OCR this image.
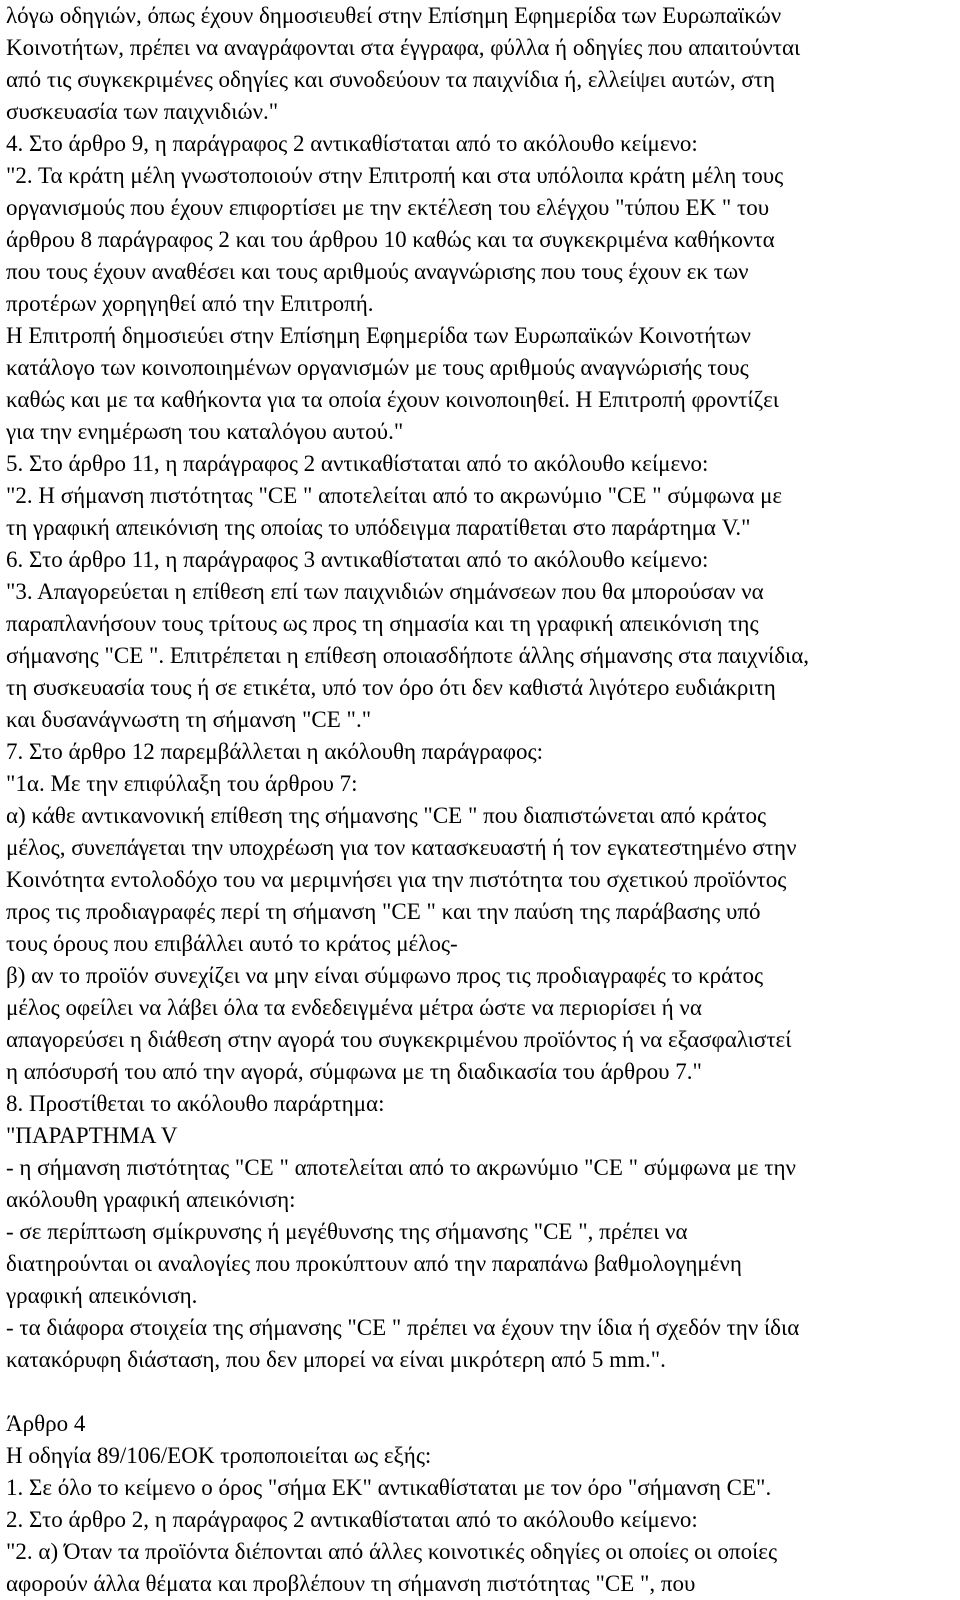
λόγω οδηγιών, όπως έχουν δημοσιευθεί στην Επίσημη Εφημερίδα των Ευρωπαϊκών
Κοινοτήτων, πρέπει να αναγράφονται στα έγγραφα, φύλλα ή οδηγίες που απαιτούνται
από τις συγκεκριμένες οδηγίες και συνοδεύουν τα παιχνίδια ή, ελλείψει αυτών, στη
συσκευασία των παιχνιδιών."
4. Στο άρθρο 9, η παράγραφος 2 αντικαθίσταται από το ακόλουθο κείμενο:
"2. Τα κράτη μέλη γνωστοποιούν στην Επιτροπή και στα υπόλοιπα κράτη μέλη τους
οργανισμούς που έχουν επιφορτίσει με την εκτέλεση του ελέγχου "τύπου ΕΚ " του
άρθρου 8 παράγραφος 2 και του άρθρου 10 καθώς και τα συγκεκριμένα καθήκοντα
που τους έχουν αναθέσει και τους αριθμούς αναγνώρισης που τους έχουν εκ των
προτέρων χορηγηθεί από την Επιτροπή.
Η Επιτροπή δημοσιεύει στην Επίσημη Εφημερίδα των Ευρωπαϊκών Κοινοτήτων
κατάλογο των κοινοποιημένων οργανισμών με τους αριθμούς αναγνώρισής τους
καθώς και με τα καθήκοντα για τα οποία έχουν κοινοποιηθεί. Η Επιτροπή φροντίζει
για την ενημέρωση του καταλόγου αυτού."
5. Στο άρθρο 11, η παράγραφος 2 αντικαθίσταται από το ακόλουθο κείμενο:
"2. Η σήμανση πιστότητας "CE " αποτελείται από το ακρωνύμιο "CE " σύμφωνα με
τη γραφική απεικόνιση της οποίας το υπόδειγμα παρατίθεται στο παράρτημα V."
6. Στο άρθρο 11, η παράγραφος 3 αντικαθίσταται από το ακόλουθο κείμενο:
"3. Απαγορεύεται η επίθεση επί των παιχνιδιών σημάνσεων που θα μπορούσαν να
παραπλανήσουν τους τρίτους ως προς τη σημασία και τη γραφική απεικόνιση της
σήμανσης "CE ". Επιτρέπεται η επίθεση οποιασδήποτε άλλης σήμανσης στα παιχνίδια,
τη συσκευασία τους ή σε ετικέτα, υπό τον όρο ότι δεν καθιστά λιγότερο ευδιάκριτη
και δυσανάγνωστη τη σήμανση "CE "."
7. Στο άρθρο 12 παρεμβάλλεται η ακόλουθη παράγραφος:
"1α. Με την επιφύλαξη του άρθρου 7:
α) κάθε αντικανονική επίθεση της σήμανσης "CE " που διαπιστώνεται από κράτος
μέλος, συνεπάγεται την υποχρέωση για τον κατασκευαστή ή τον εγκατεστημένο στην
Κοινότητα εντολοδόχο του να μεριμνήσει για την πιστότητα του σχετικού προϊόντος
προς τις προδιαγραφές περί τη σήμανση "CE " και την παύση της παράβασης υπό
τους όρους που επιβάλλει αυτό το κράτος μέλος-
β) αν το προϊόν συνεχίζει να μην είναι σύμφωνο προς τις προδιαγραφές το κράτος
μέλος οφείλει να λάβει όλα τα ενδεδειγμένα μέτρα ώστε να περιορίσει ή να
απαγορεύσει η διάθεση στην αγορά του συγκεκριμένου προϊόντος ή να εξασφαλιστεί
η απόσυρσή του από την αγορά, σύμφωνα με τη διαδικασία του άρθρου 7."
8. Προστίθεται το ακόλουθο παράρτημα:
"ΠΑΡΑΡΤΗΜΑ V
- η σήμανση πιστότητας "CE " αποτελείται από το ακρωνύμιο "CE " σύμφωνα με την
ακόλουθη γραφική απεικόνιση:
- σε περίπτωση σμίκρυνσης ή μεγέθυνσης της σήμανσης "CE ", πρέπει να
διατηρούνται οι αναλογίες που προκύπτουν από την παραπάνω βαθμολογημένη
γραφική απεικόνιση.
- τα διάφορα στοιχεία της σήμανσης "CE " πρέπει να έχουν την ίδια ή σχεδόν την ίδια
κατακόρυφη διάσταση, που δεν μπορεί να είναι μικρότερη από 5 mm.".
Άρθρο 4
Η οδηγία 89/106/ΕΟΚ τροποποιείται ως εξής:
1. Σε όλο το κείμενο ο όρος "σήμα ΕΚ" αντικαθίσταται με τον όρο "σήμανση CE".
2. Στο άρθρο 2, η παράγραφος 2 αντικαθίσταται από το ακόλουθο κείμενο:
"2. α) Όταν τα προϊόντα διέπονται από άλλες κοινοτικές οδηγίες οι οποίες οι οποίες
αφορούν άλλα θέματα και προβλέπουν τη σήμανση πιστότητας "CE ", που
